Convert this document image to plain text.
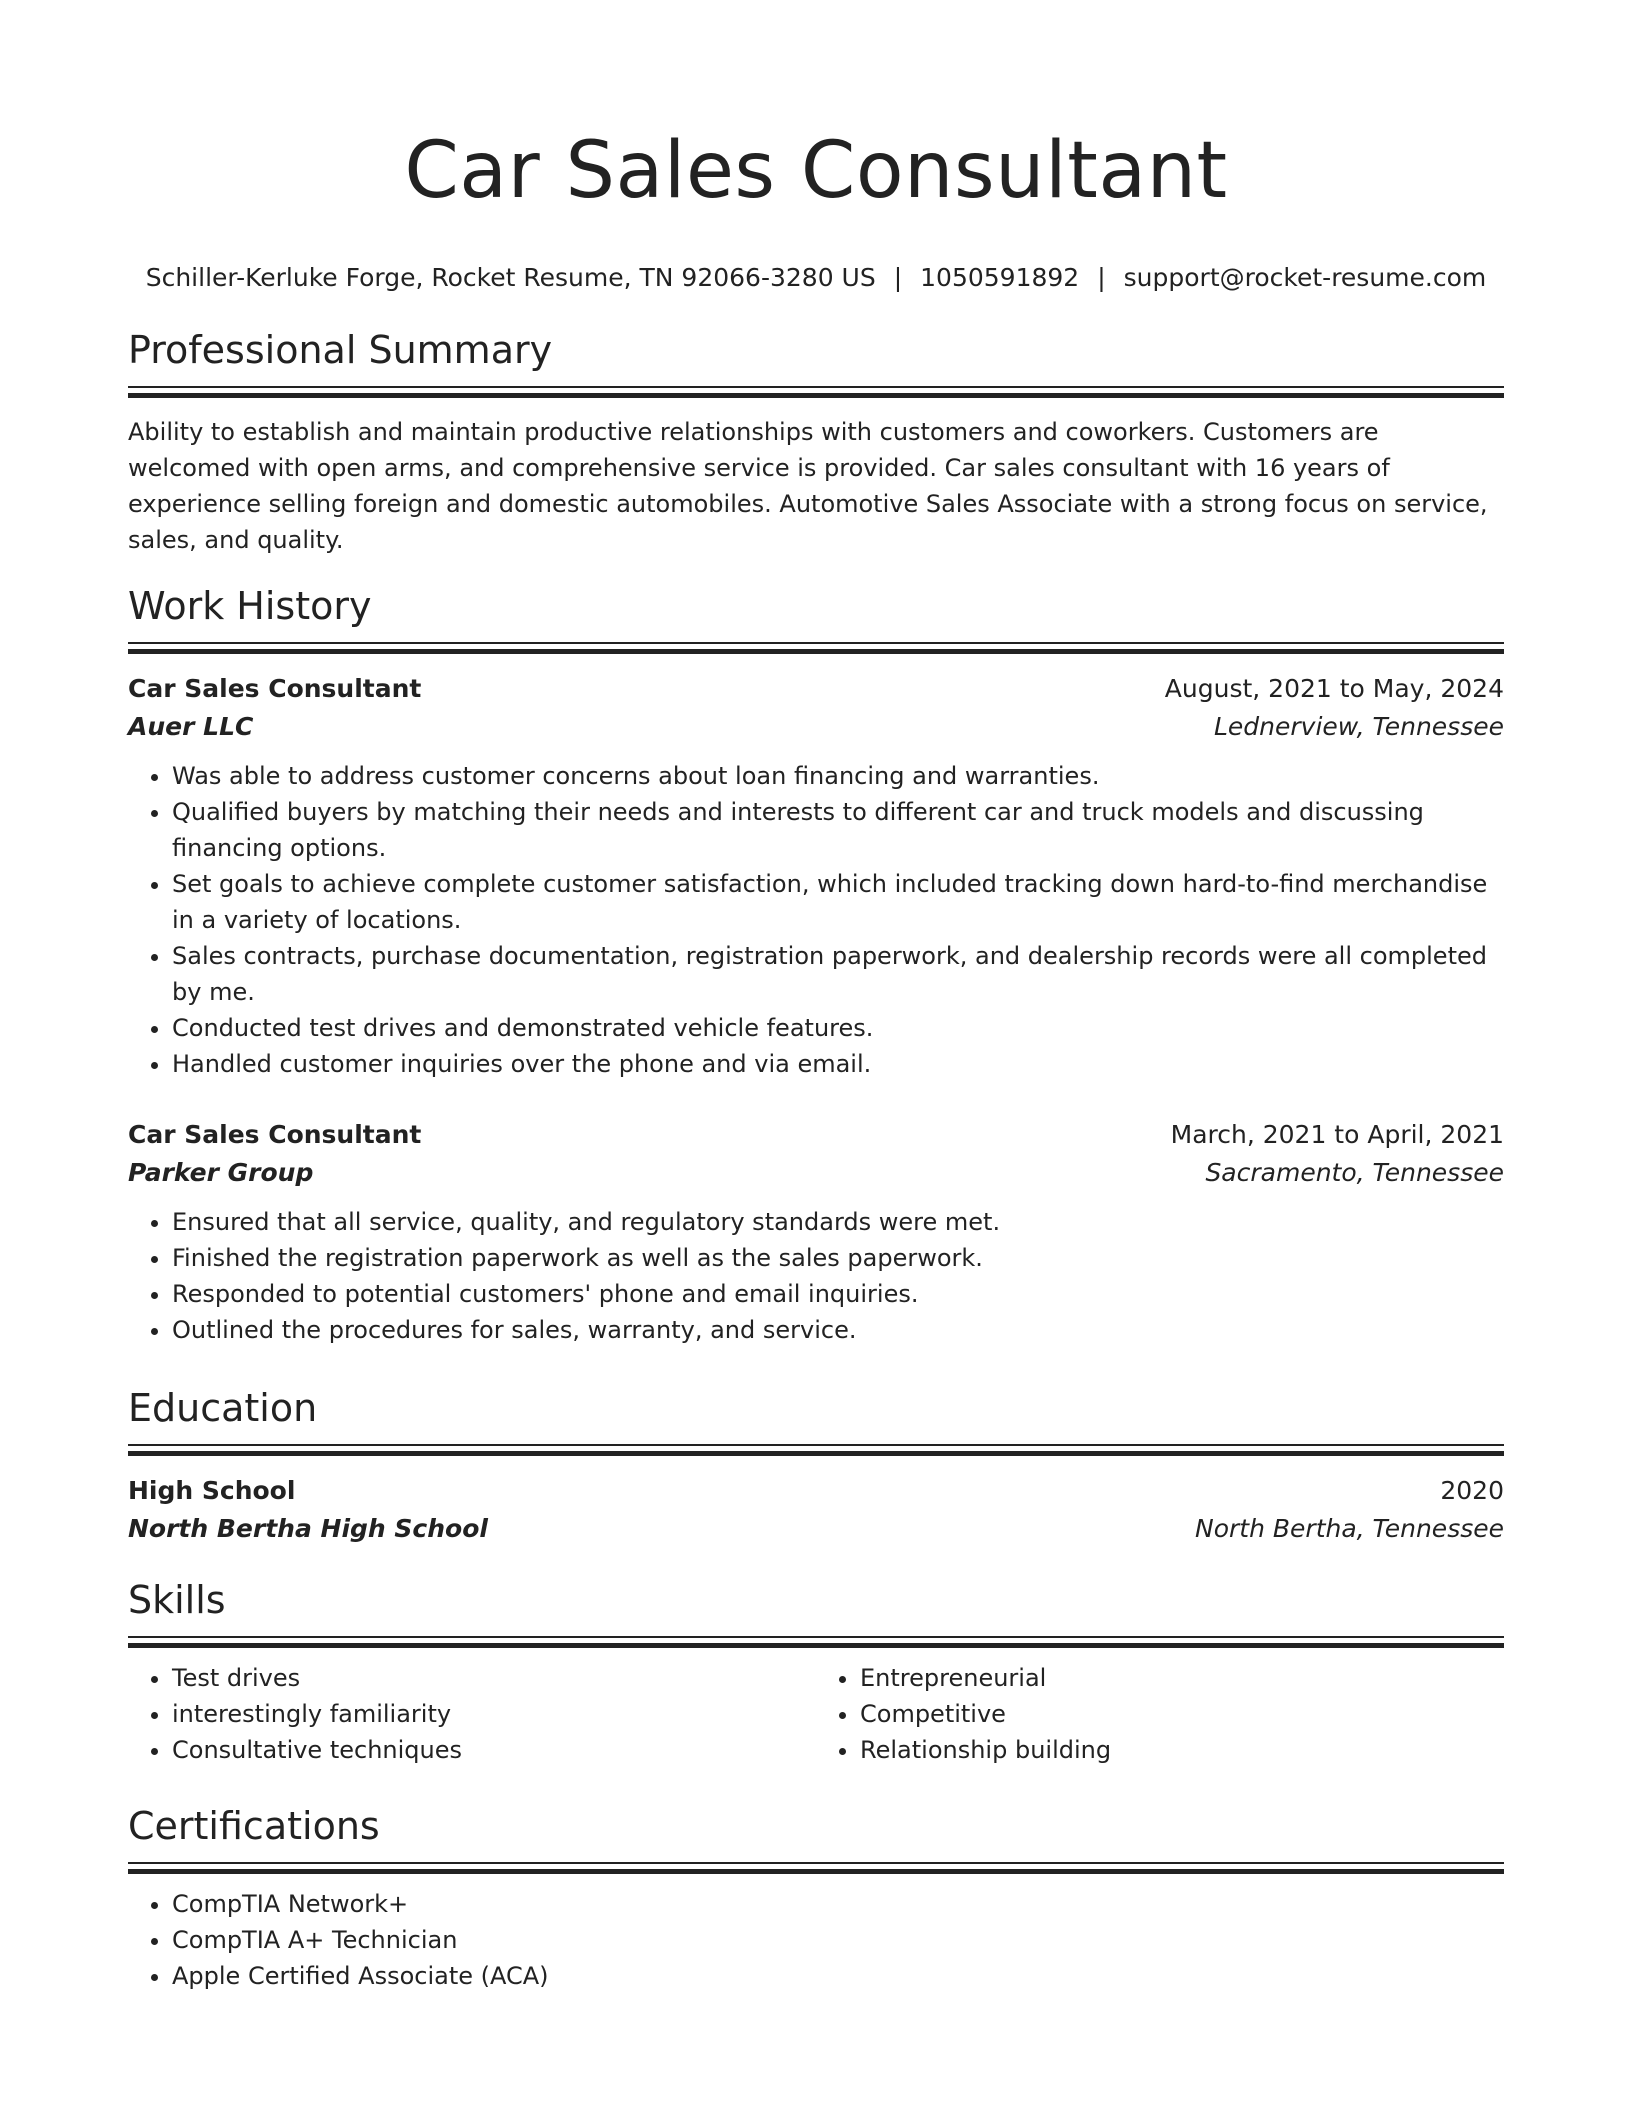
Car Sales Consultant
Schiller-Kerluke Forge, Rocket Resume, TN 92066-3280 US | 1050591892 | support@rocket-resume.com
Professional Summary
Ability to establish and maintain productive relationships with customers and coworkers. Customers are welcomed with open arms, and comprehensive service is provided. Car sales consultant with 16 years of experience selling foreign and domestic automobiles. Automotive Sales Associate with a strong focus on service, sales, and quality.
Work History
Car Sales Consultant	August, 2021 to May, 2024
Auer LLC	Lednerview, Tennessee
• Was able to address customer concerns about loan financing and warranties.
• Qualified buyers by matching their needs and interests to different car and truck models and discussing financing options.
• Set goals to achieve complete customer satisfaction, which included tracking down hard-to-find merchandise in a variety of locations.
• Sales contracts, purchase documentation, registration paperwork, and dealership records were all completed by me.
• Conducted test drives and demonstrated vehicle features.
• Handled customer inquiries over the phone and via email.
Car Sales Consultant	March, 2021 to April, 2021
Parker Group	Sacramento, Tennessee
• Ensured that all service, quality, and regulatory standards were met.
• Finished the registration paperwork as well as the sales paperwork.
• Responded to potential customers' phone and email inquiries.
• Outlined the procedures for sales, warranty, and service.
Education
High School	2020
North Bertha High School	North Bertha, Tennessee
Skills
• Test drives
• interestingly familiarity
• Consultative techniques
• Entrepreneurial
• Competitive
• Relationship building
Certifications
• CompTIA Network+
• CompTIA A+ Technician
• Apple Certified Associate (ACA)
